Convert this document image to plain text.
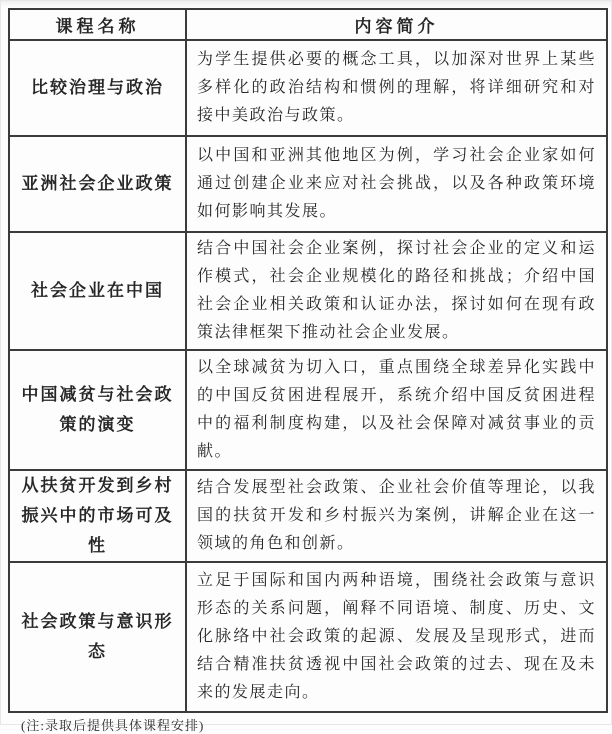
课程名称	内容简介
比较治理与政治	为学生提供必要的概念工具，以加深对世界上某些多样化的政治结构和惯例的理解，将详细研究和对接中美政治与政策。
亚洲社会企业政策	以中国和亚洲其他地区为例，学习社会企业家如何通过创建企业来应对社会挑战，以及各种政策环境如何影响其发展。
社会企业在中国	结合中国社会企业案例，探讨社会企业的定义和运作模式，社会企业规模化的路径和挑战；介绍中国社会企业相关政策和认证办法，探讨如何在现有政策法律框架下推动社会企业发展。
中国减贫与社会政策的演变	以全球减贫为切入口，重点围绕全球差异化实践中的中国反贫困进程展开，系统介绍中国反贫困进程中的福利制度构建，以及社会保障对减贫事业的贡献。
从扶贫开发到乡村振兴中的市场可及性	结合发展型社会政策、企业社会价值等理论，以我国的扶贫开发和乡村振兴为案例，讲解企业在这一领域的角色和创新。
社会政策与意识形态	立足于国际和国内两种语境，围绕社会政策与意识形态的关系问题，阐释不同语境、制度、历史、文化脉络中社会政策的起源、发展及呈现形式，进而结合精准扶贫透视中国社会政策的过去、现在及未来的发展走向。
(注:录取后提供具体课程安排)
